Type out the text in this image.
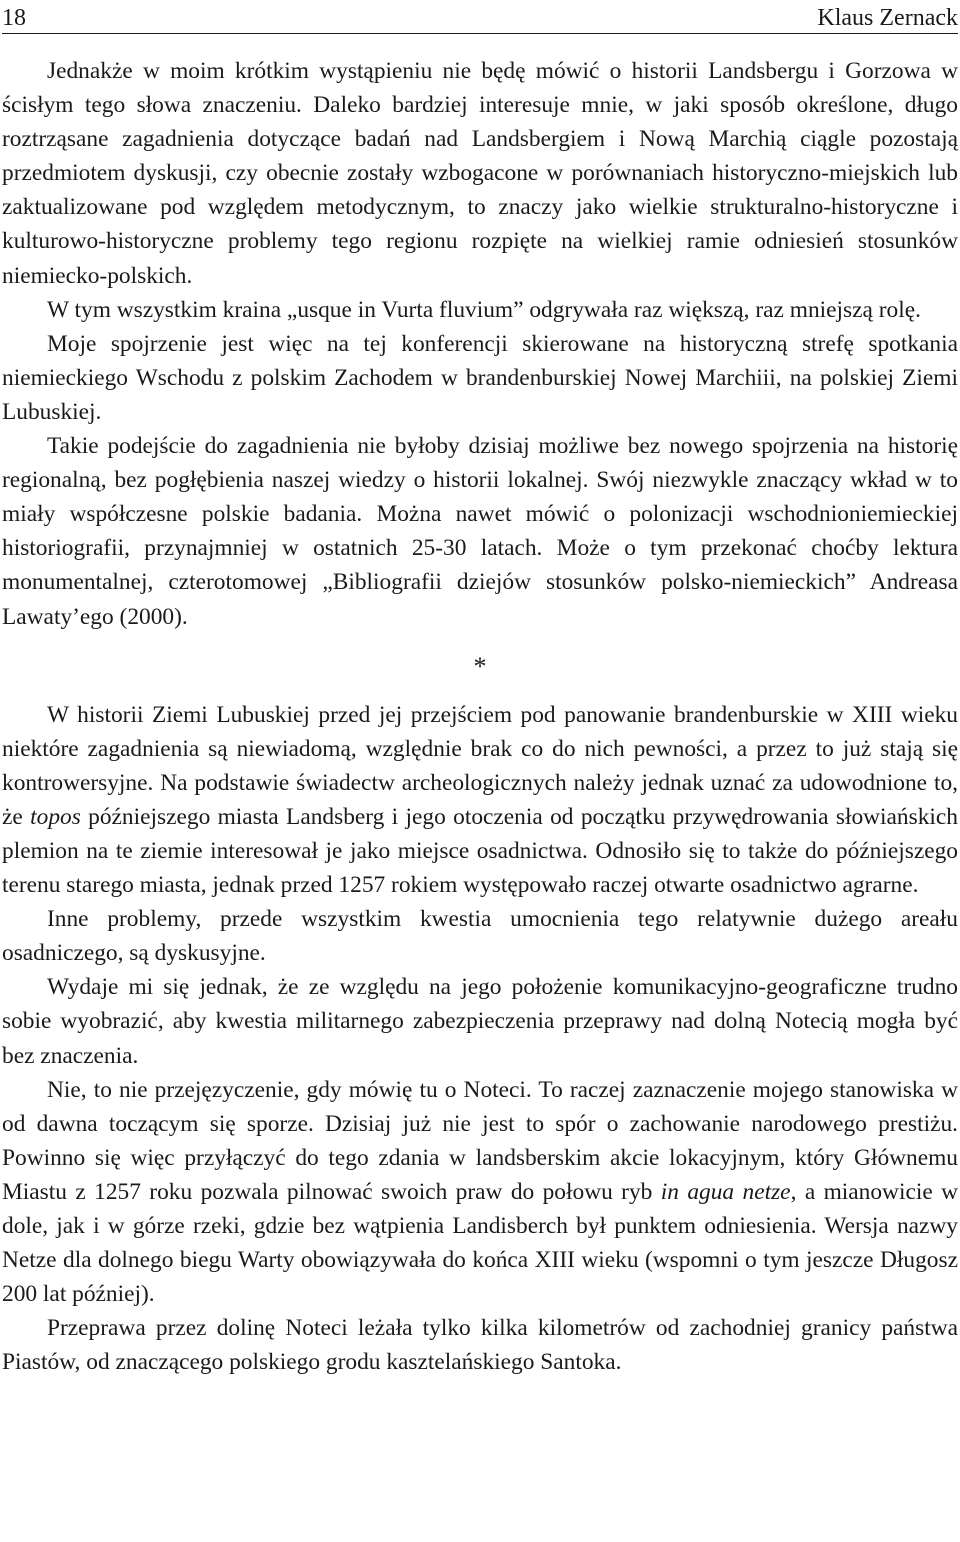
18	Klaus Zernack

Jednakże w moim krótkim wystąpieniu nie będę mówić o historii Landsbergu i Gorzowa w ścisłym tego słowa znaczeniu. Daleko bardziej interesuje mnie, w jaki sposób określone, długo roztrząsane zagadnienia dotyczące badań nad Landsbergiem i Nową Marchią ciągle pozostają przedmiotem dyskusji, czy obecnie zostały wzbogacone w porównaniach historyczno-miejskich lub zaktualizowane pod względem metodycznym, to znaczy jako wielkie strukturalno-historyczne i kulturowo-historyczne problemy tego regionu rozpięte na wielkiej ramie odniesień stosunków niemiecko-polskich.

W tym wszystkim kraina „usque in Vurta fluvium” odgrywała raz większą, raz mniejszą rolę.

Moje spojrzenie jest więc na tej konferencji skierowane na historyczną strefę spotkania niemieckiego Wschodu z polskim Zachodem w brandenburskiej Nowej Marchiii, na polskiej Ziemi Lubuskiej.

Takie podejście do zagadnienia nie byłoby dzisiaj możliwe bez nowego spojrzenia na historię regionalną, bez pogłębienia naszej wiedzy o historii lokalnej. Swój niezwykle znaczący wkład w to miały współczesne polskie badania. Można nawet mówić o polonizacji wschodnioniemieckiej historiografii, przynajmniej w ostatnich 25-30 latach. Może o tym przekonać choćby lektura monumentalnej, czterotomowej „Bibliografii dziejów stosunków polsko-niemieckich” Andreasa Lawaty’ego (2000).

*

W historii Ziemi Lubuskiej przed jej przejściem pod panowanie brandenburskie w XIII wieku niektóre zagadnienia są niewiadomą, względnie brak co do nich pewności, a przez to już stają się kontrowersyjne. Na podstawie świadectw archeologicznych należy jednak uznać za udowodnione to, że topos późniejszego miasta Landsberg i jego otoczenia od początku przywędrowania słowiańskich plemion na te ziemie interesował je jako miejsce osadnictwa. Odnosiło się to także do późniejszego terenu starego miasta, jednak przed 1257 rokiem występowało raczej otwarte osadnictwo agrarne.

Inne problemy, przede wszystkim kwestia umocnienia tego relatywnie dużego areału osadniczego, są dyskusyjne.

Wydaje mi się jednak, że ze względu na jego położenie komunikacyjno-geograficzne trudno sobie wyobrazić, aby kwestia militarnego zabezpieczenia przeprawy nad dolną Notecią mogła być bez znaczenia.

Nie, to nie przejęzyczenie, gdy mówię tu o Noteci. To raczej zaznaczenie mojego stanowiska w od dawna toczącym się sporze. Dzisiaj już nie jest to spór o zachowanie narodowego prestiżu. Powinno się więc przyłączyć do tego zdania w landsberskim akcie lokacyjnym, który Głównemu Miastu z 1257 roku pozwala pilnować swoich praw do połowu ryb in agua netze, a mianowicie w dole, jak i w górze rzeki, gdzie bez wątpienia Landisberch był punktem odniesienia. Wersja nazwy Netze dla dolnego biegu Warty obowiązywała do końca XIII wieku (wspomni o tym jeszcze Długosz 200 lat później).

Przeprawa przez dolinę Noteci leżała tylko kilka kilometrów od zachodniej granicy państwa Piastów, od znaczącego polskiego grodu kasztelańskiego Santoka.
